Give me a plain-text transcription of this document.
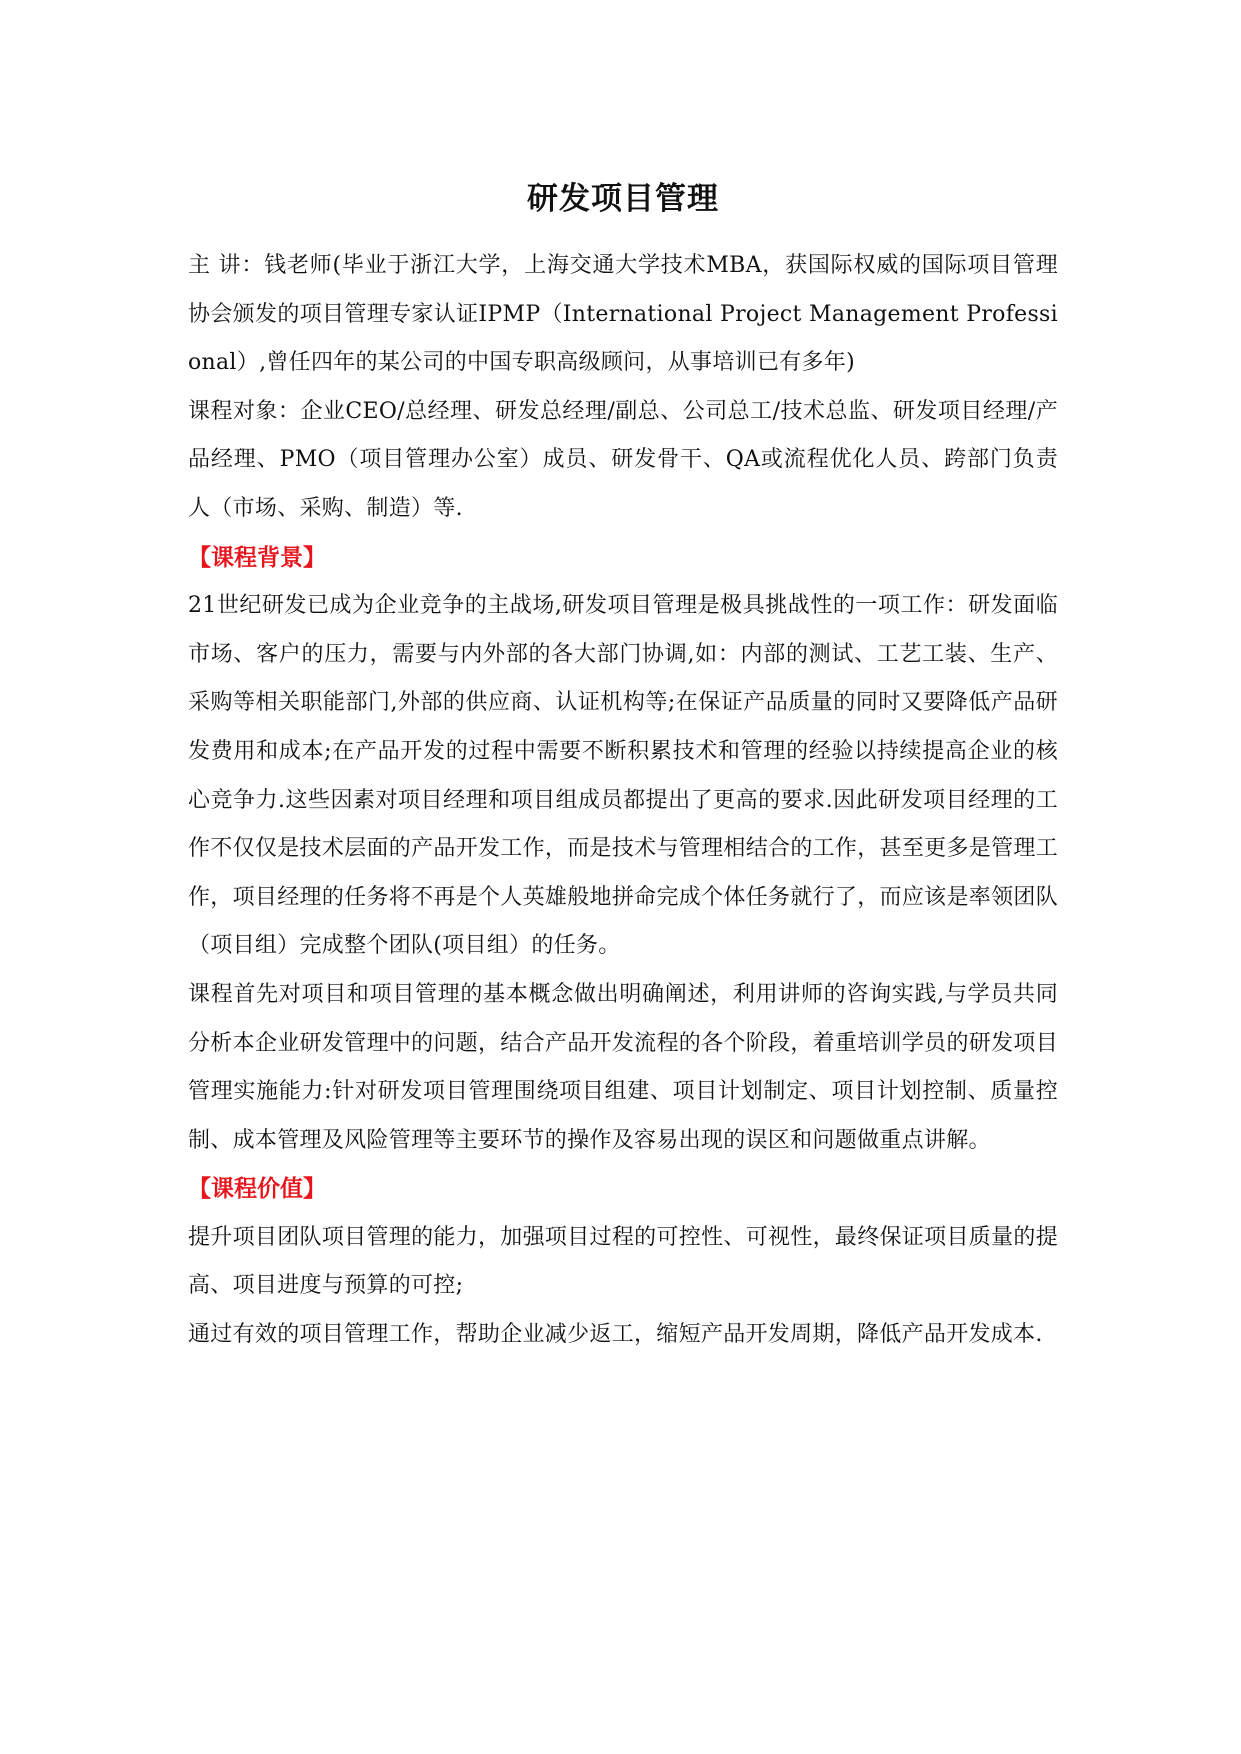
研发项目管理

主 讲：钱老师(毕业于浙江大学，上海交通大学技术MBA，获国际权威的国际项目管理协会颁发的项目管理专家认证IPMP（International Project Management Professional）,曾任四年的某公司的中国专职高级顾问，从事培训已有多年)

课程对象：企业CEO/总经理、研发总经理/副总、公司总工/技术总监、研发项目经理/产品经理、PMO（项目管理办公室）成员、研发骨干、QA或流程优化人员、跨部门负责人（市场、采购、制造）等.

【课程背景】

21世纪研发已成为企业竞争的主战场,研发项目管理是极具挑战性的一项工作：研发面临市场、客户的压力，需要与内外部的各大部门协调,如：内部的测试、工艺工装、生产、采购等相关职能部门,外部的供应商、认证机构等;在保证产品质量的同时又要降低产品研发费用和成本;在产品开发的过程中需要不断积累技术和管理的经验以持续提高企业的核心竞争力.这些因素对项目经理和项目组成员都提出了更高的要求.因此研发项目经理的工作不仅仅是技术层面的产品开发工作，而是技术与管理相结合的工作，甚至更多是管理工作，项目经理的任务将不再是个人英雄般地拼命完成个体任务就行了，而应该是率领团队（项目组）完成整个团队(项目组）的任务。

课程首先对项目和项目管理的基本概念做出明确阐述，利用讲师的咨询实践,与学员共同分析本企业研发管理中的问题，结合产品开发流程的各个阶段，着重培训学员的研发项目管理实施能力:针对研发项目管理围绕项目组建、项目计划制定、项目计划控制、质量控制、成本管理及风险管理等主要环节的操作及容易出现的误区和问题做重点讲解。

【课程价值】

提升项目团队项目管理的能力，加强项目过程的可控性、可视性，最终保证项目质量的提高、项目进度与预算的可控;

通过有效的项目管理工作，帮助企业减少返工，缩短产品开发周期，降低产品开发成本.
